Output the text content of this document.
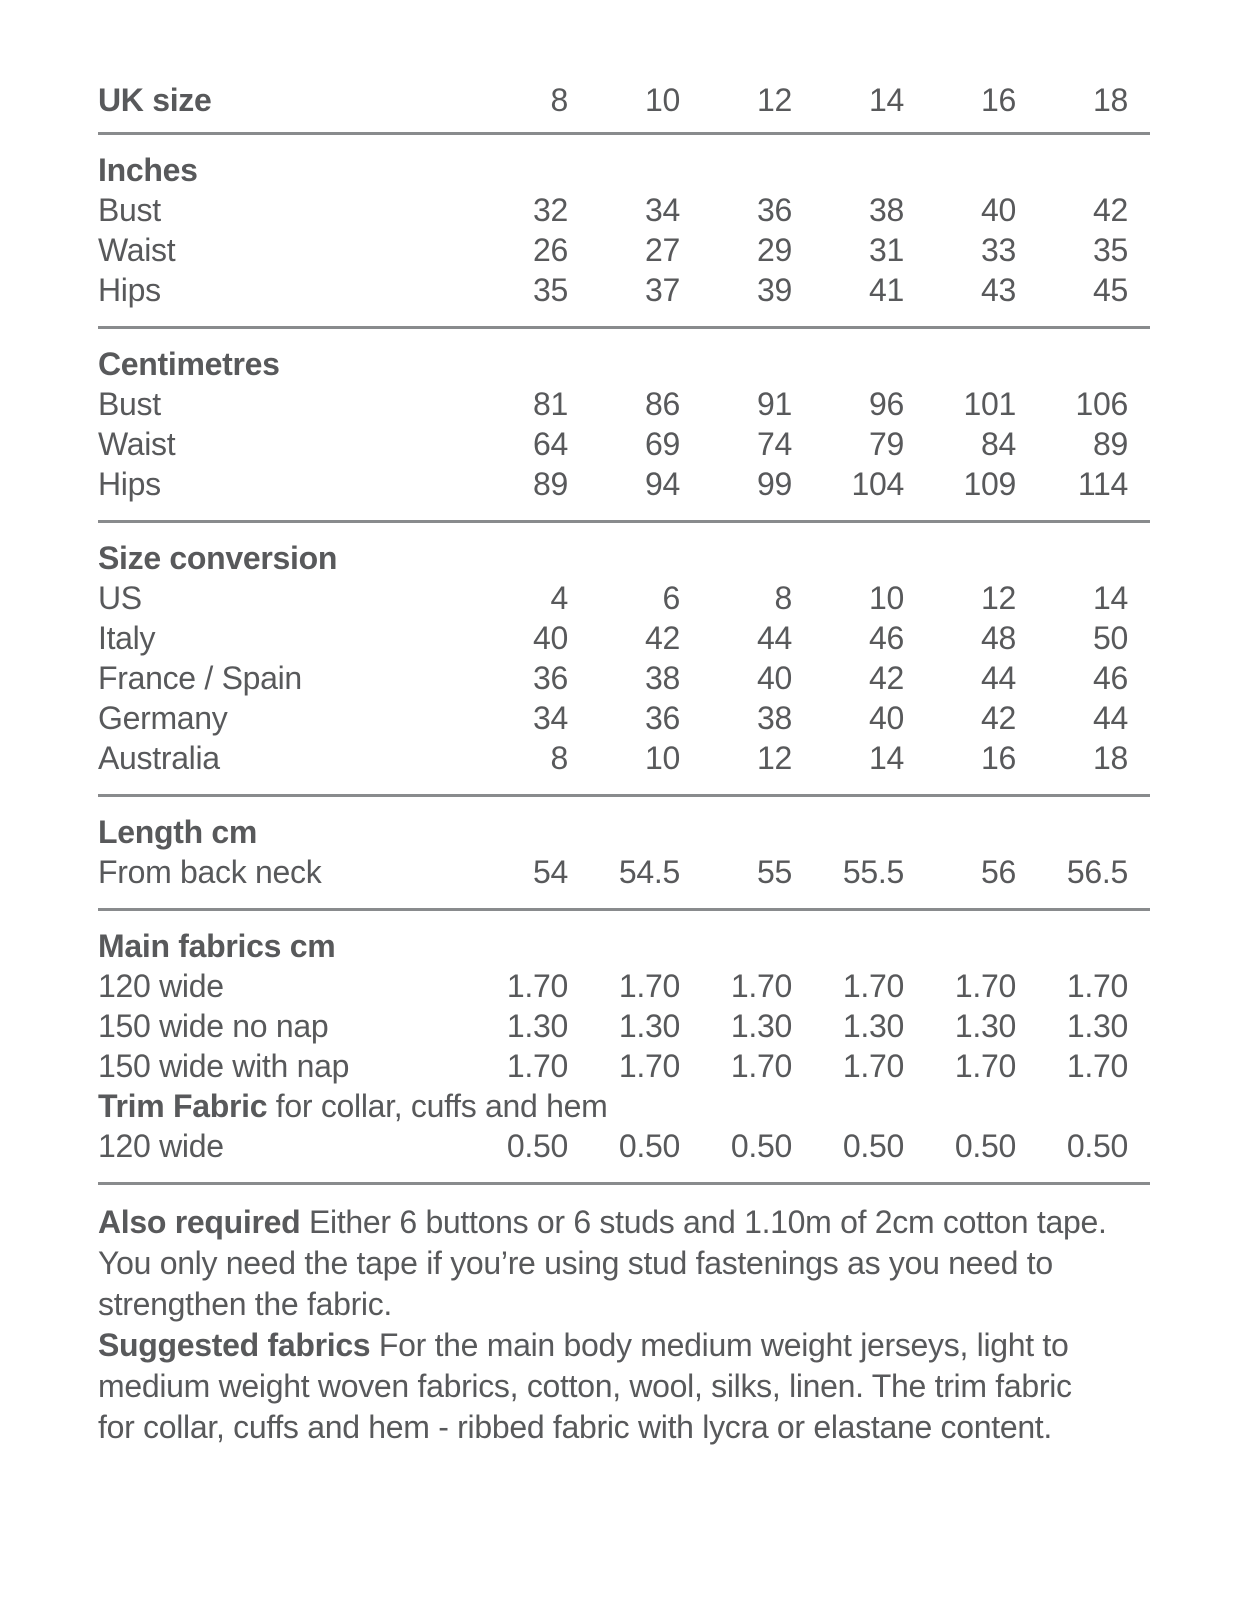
UK size	8	10	12	14	16	18
Inches
Bust	32	34	36	38	40	42
Waist	26	27	29	31	33	35
Hips	35	37	39	41	43	45
Centimetres
Bust	81	86	91	96	101	106
Waist	64	69	74	79	84	89
Hips	89	94	99	104	109	114
Size conversion
US	4	6	8	10	12	14
Italy	40	42	44	46	48	50
France / Spain	36	38	40	42	44	46
Germany	34	36	38	40	42	44
Australia	8	10	12	14	16	18
Length cm
From back neck	54	54.5	55	55.5	56	56.5
Main fabrics cm
120 wide	1.70	1.70	1.70	1.70	1.70	1.70
150 wide no nap	1.30	1.30	1.30	1.30	1.30	1.30
150 wide with nap	1.70	1.70	1.70	1.70	1.70	1.70
Trim Fabric for collar, cuffs and hem
120 wide	0.50	0.50	0.50	0.50	0.50	0.50

Also required Either 6 buttons or 6 studs and 1.10m of 2cm cotton tape. You only need the tape if you’re using stud fastenings as you need to strengthen the fabric.

Suggested fabrics For the main body medium weight jerseys, light to medium weight woven fabrics, cotton, wool, silks, linen. The trim fabric for collar, cuffs and hem - ribbed fabric with lycra or elastane content.
